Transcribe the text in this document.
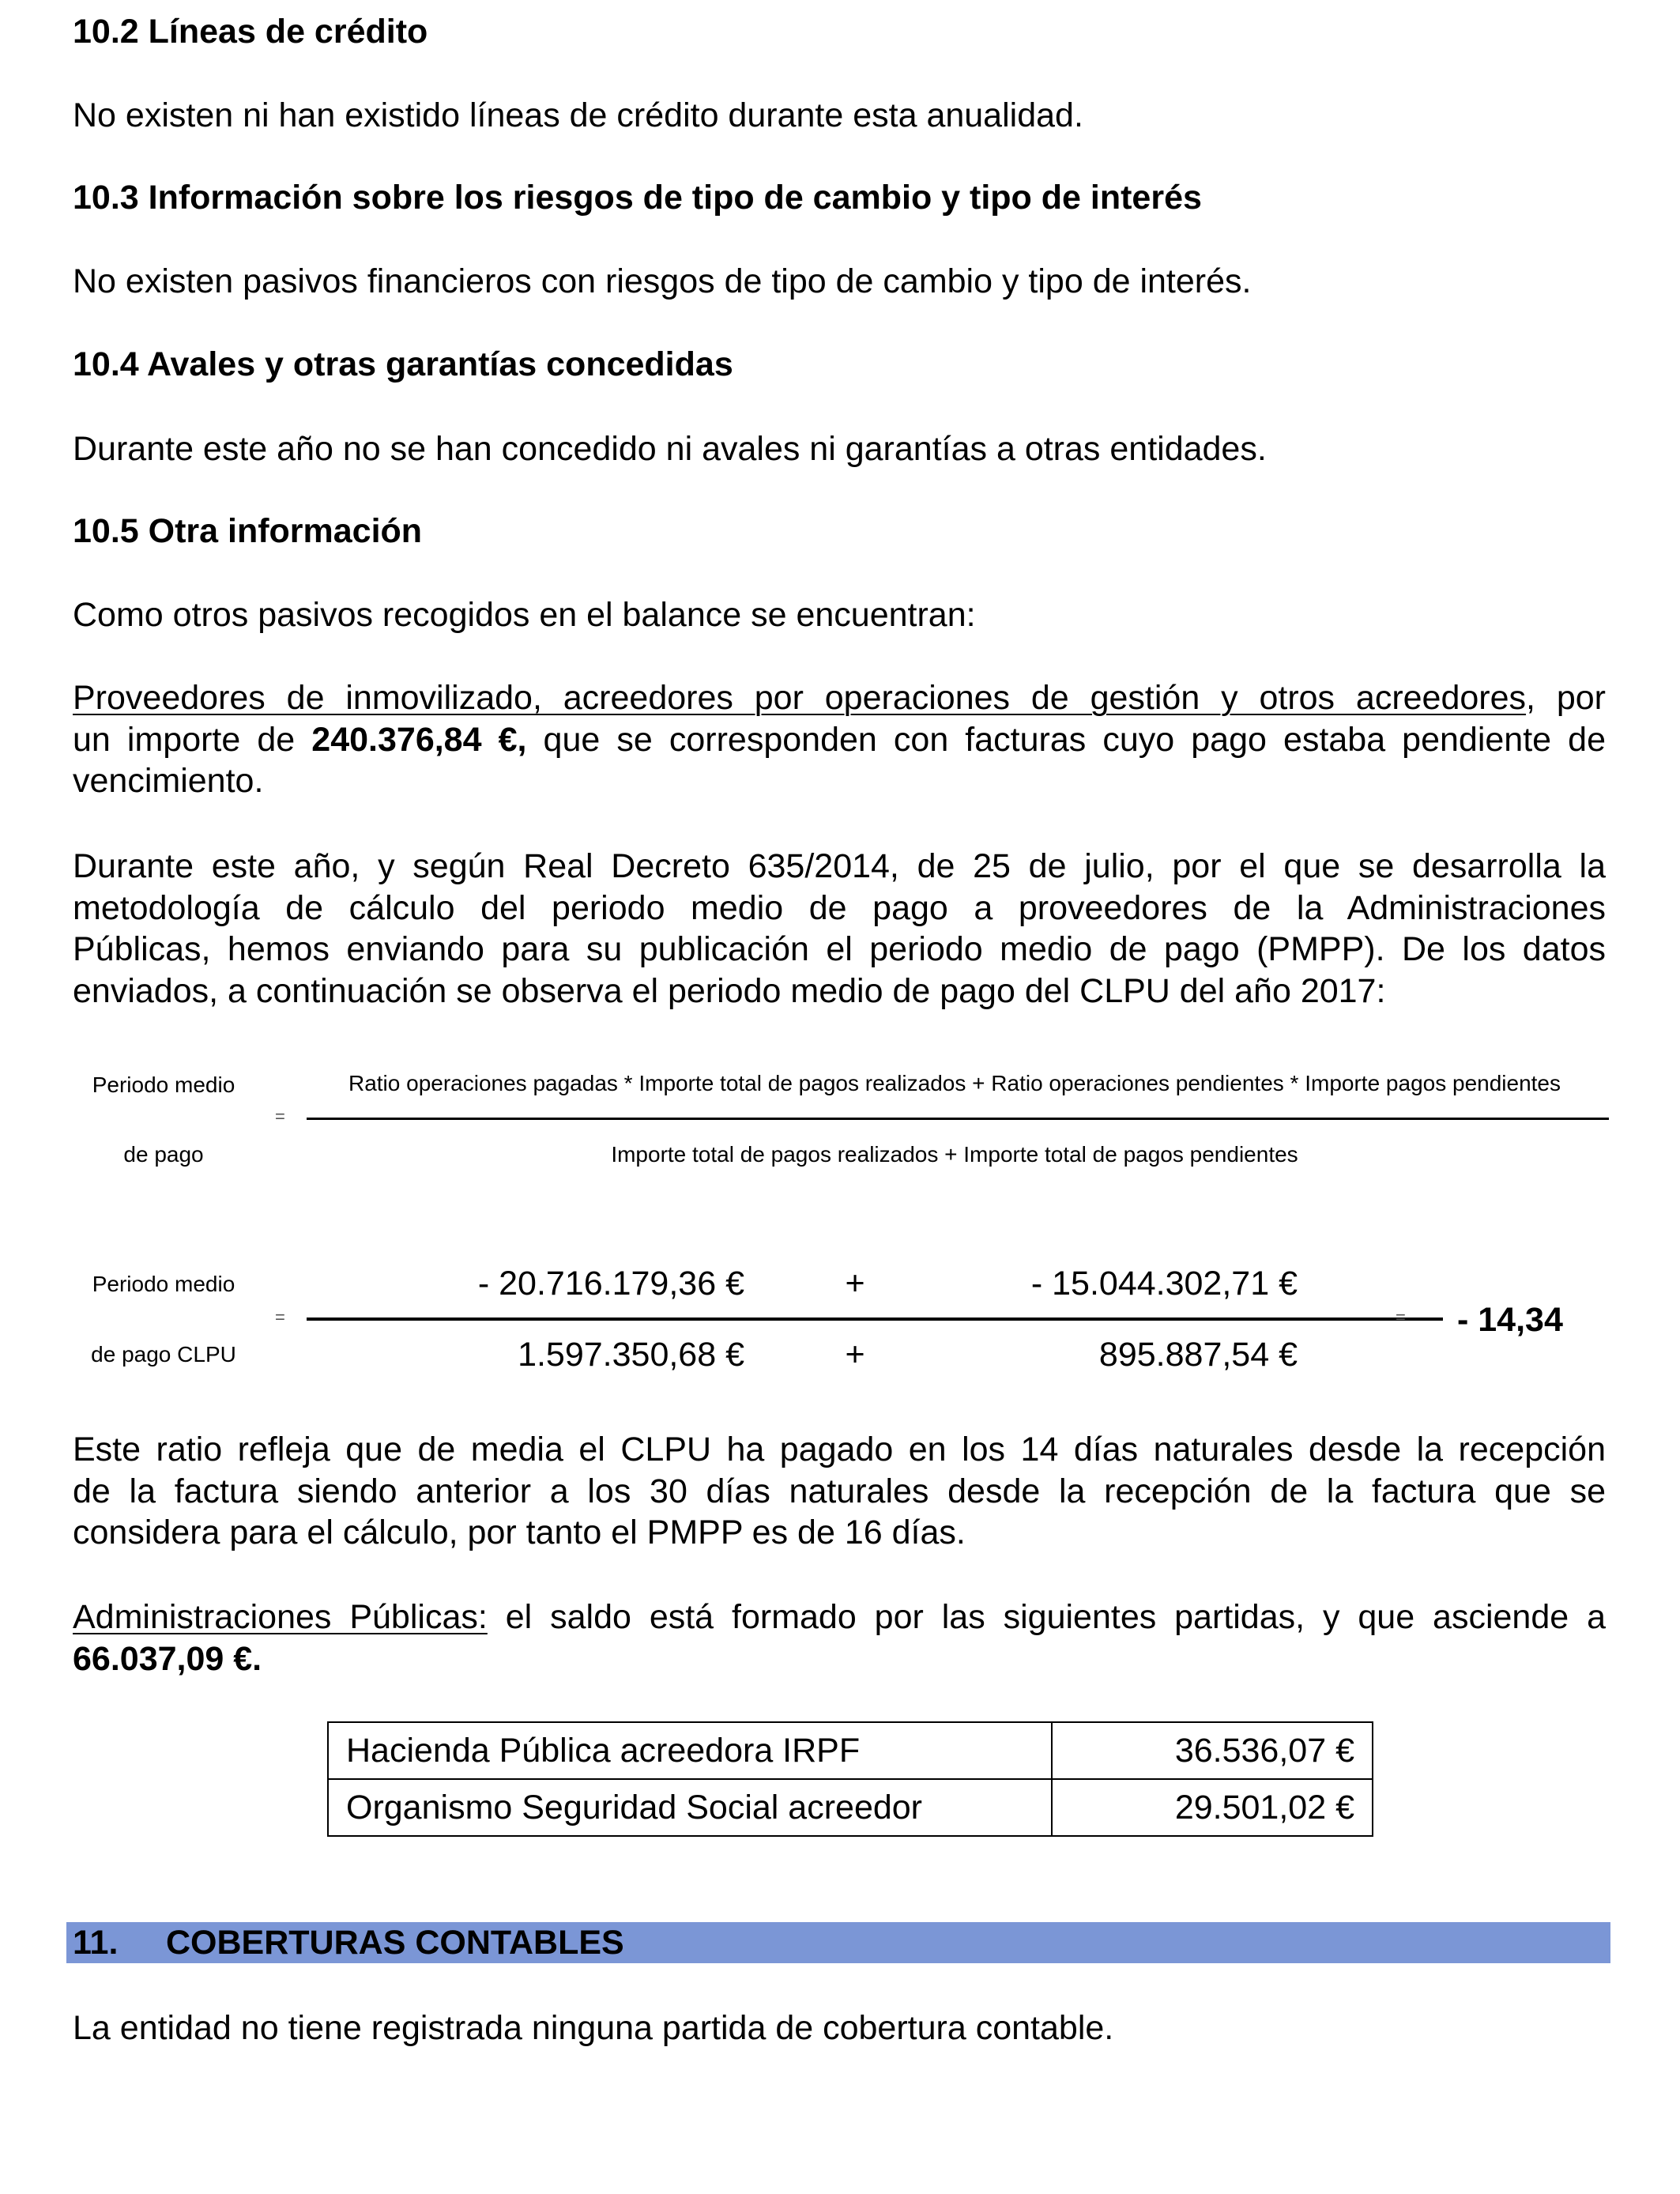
10.2 Líneas de crédito
No existen ni han existido líneas de crédito durante esta anualidad.
10.3 Información sobre los riesgos de tipo de cambio y tipo de interés
No existen pasivos financieros con riesgos de tipo de cambio y tipo de interés.
10.4 Avales y otras garantías concedidas
Durante este año no se han concedido ni avales ni garantías a otras entidades.
10.5 Otra información
Como otros pasivos recogidos en el balance se encuentran:
Proveedores de inmovilizado, acreedores por operaciones de gestión y otros acreedores, por
un importe de 240.376,84 €, que se corresponden con facturas cuyo pago estaba pendiente de
vencimiento.
Durante este año, y según Real Decreto 635/2014, de 25 de julio, por el que se desarrolla la
metodología de cálculo del periodo medio de pago a proveedores de la Administraciones
Públicas, hemos enviando para su publicación el periodo medio de pago (PMPP). De los datos
enviados, a continuación se observa el periodo medio de pago del CLPU del año 2017:
Periodo medio
de pago
=
Ratio operaciones pagadas * Importe total de pagos realizados + Ratio operaciones pendientes * Importe pagos pendientes
Importe total de pagos realizados + Importe total de pagos pendientes
Periodo medio
de pago CLPU
=
- 20.716.179,36 €	+	- 15.044.302,71 €
1.597.350,68 €	+	895.887,54 €
= - 14,34
Este ratio refleja que de media el CLPU ha pagado en los 14 días naturales desde la recepción
de la factura siendo anterior a los 30 días naturales desde la recepción de la factura que se
considera para el cálculo, por tanto el PMPP es de 16 días.
Administraciones Públicas: el saldo está formado por las siguientes partidas, y que asciende a
66.037,09 €.
Hacienda Pública acreedora IRPF	36.536,07 €
Organismo Seguridad Social acreedor	29.501,02 €
La entidad no tiene registrada ninguna partida de cobertura contable.
11. COBERTURAS CONTABLES
